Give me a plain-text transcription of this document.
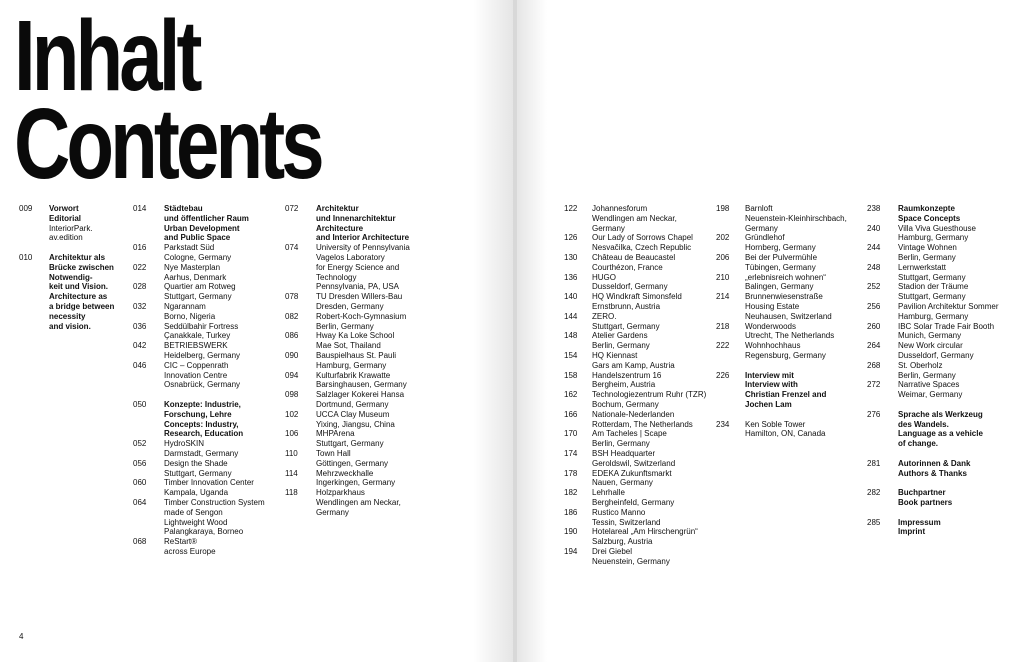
Inhalt
Contents
009 Vorwort
Editorial
InteriorPark.
av.edition
010 Architektur als
Brücke zwischen
Notwendig-
keit und Vision.
Architecture as
a bridge between
necessity
and vision.
014 Städtebau
und öffentlicher Raum
Urban Development
and Public Space
016 Parkstadt Süd
Cologne, Germany
022 Nye Masterplan
Aarhus, Denmark
028 Quartier am Rotweg
Stuttgart, Germany
032 Ngarannam
Borno, Nigeria
036 Seddülbahir Fortress
Çanakkale, Turkey
042 BETRIEBSWERK
Heidelberg, Germany
046 CIC – Coppenrath
Innovation Centre
Osnabrück, Germany
050 Konzepte: Industrie,
Forschung, Lehre
Concepts: Industry,
Research, Education
052 HydroSKIN
Darmstadt, Germany
056 Design the Shade
Stuttgart, Germany
060 Timber Innovation Center
Kampala, Uganda
064 Timber Construction System
made of Sengon
Lightweight Wood
Palangkaraya, Borneo
068 ReStart®
across Europe
072 Architektur
und Innenarchitektur
Architecture
and Interior Architecture
074 University of Pennsylvania
Vagelos Laboratory
for Energy Science and
Technology
Pennsylvania, PA, USA
078 TU Dresden Willers-Bau
Dresden, Germany
082 Robert-Koch-Gymnasium
Berlin, Germany
086 Hway Ka Loke School
Mae Sot, Thailand
090 Bauspielhaus St. Pauli
Hamburg, Germany
094 Kulturfabrik Krawatte
Barsinghausen, Germany
098 Salzlager Kokerei Hansa
Dortmund, Germany
102 UCCA Clay Museum
Yixing, Jiangsu, China
106 MHPArena
Stuttgart, Germany
110 Town Hall
Göttingen, Germany
114 Mehrzweckhalle
Ingerkingen, Germany
118 Holzparkhaus
Wendlingen am Neckar,
Germany
4
122 Johannesforum
Wendlingen am Neckar,
Germany
126 Our Lady of Sorrows Chapel
Nesvačilka, Czech Republic
130 Château de Beaucastel
Courthézon, France
136 HUGO
Dusseldorf, Germany
140 HQ Windkraft Simonsfeld
Ernstbrunn, Austria
144 ZERO.
Stuttgart, Germany
148 Atelier Gardens
Berlin, Germany
154 HQ Kiennast
Gars am Kamp, Austria
158 Handelszentrum 16
Bergheim, Austria
162 Technologiezentrum Ruhr (TZR)
Bochum, Germany
166 Nationale-Nederlanden
Rotterdam, The Netherlands
170 Am Tacheles | Scape
Berlin, Germany
174 BSH Headquarter
Geroldswil, Switzerland
178 EDEKA Zukunftsmarkt
Nauen, Germany
182 Lehrhalle
Bergheinfeld, Germany
186 Rustico Manno
Tessin, Switzerland
190 Hotelareal „Am Hirschengrün“
Salzburg, Austria
194 Drei Giebel
Neuenstein, Germany
198 Barnloft
Neuenstein-Kleinhirschbach,
Germany
202 Gründlehof
Hornberg, Germany
206 Bei der Pulvermühle
Tübingen, Germany
210 „erlebnisreich wohnen“
Balingen, Germany
214 Brunnenwiesenstraße
Housing Estate
Neuhausen, Switzerland
218 Wonderwoods
Utrecht, The Netherlands
222 Wohnhochhaus
Regensburg, Germany
226 Interview mit
Interview with
Christian Frenzel and
Jochen Lam
234 Ken Soble Tower
Hamilton, ON, Canada
238 Raumkonzepte
Space Concepts
240 Villa Viva Guesthouse
Hamburg, Germany
244 Vintage Wohnen
Berlin, Germany
248 Lernwerkstatt
Stuttgart, Germany
252 Stadion der Träume
Stuttgart, Germany
256 Pavilion Architektur Sommer
Hamburg, Germany
260 IBC Solar Trade Fair Booth
Munich, Germany
264 New Work circular
Dusseldorf, Germany
268 St. Oberholz
Berlin, Germany
272 Narrative Spaces
Weimar, Germany
276 Sprache als Werkzeug
des Wandels.
Language as a vehicle
of change.
281 Autorinnen & Dank
Authors & Thanks
282 Buchpartner
Book partners
285 Impressum
Imprint
